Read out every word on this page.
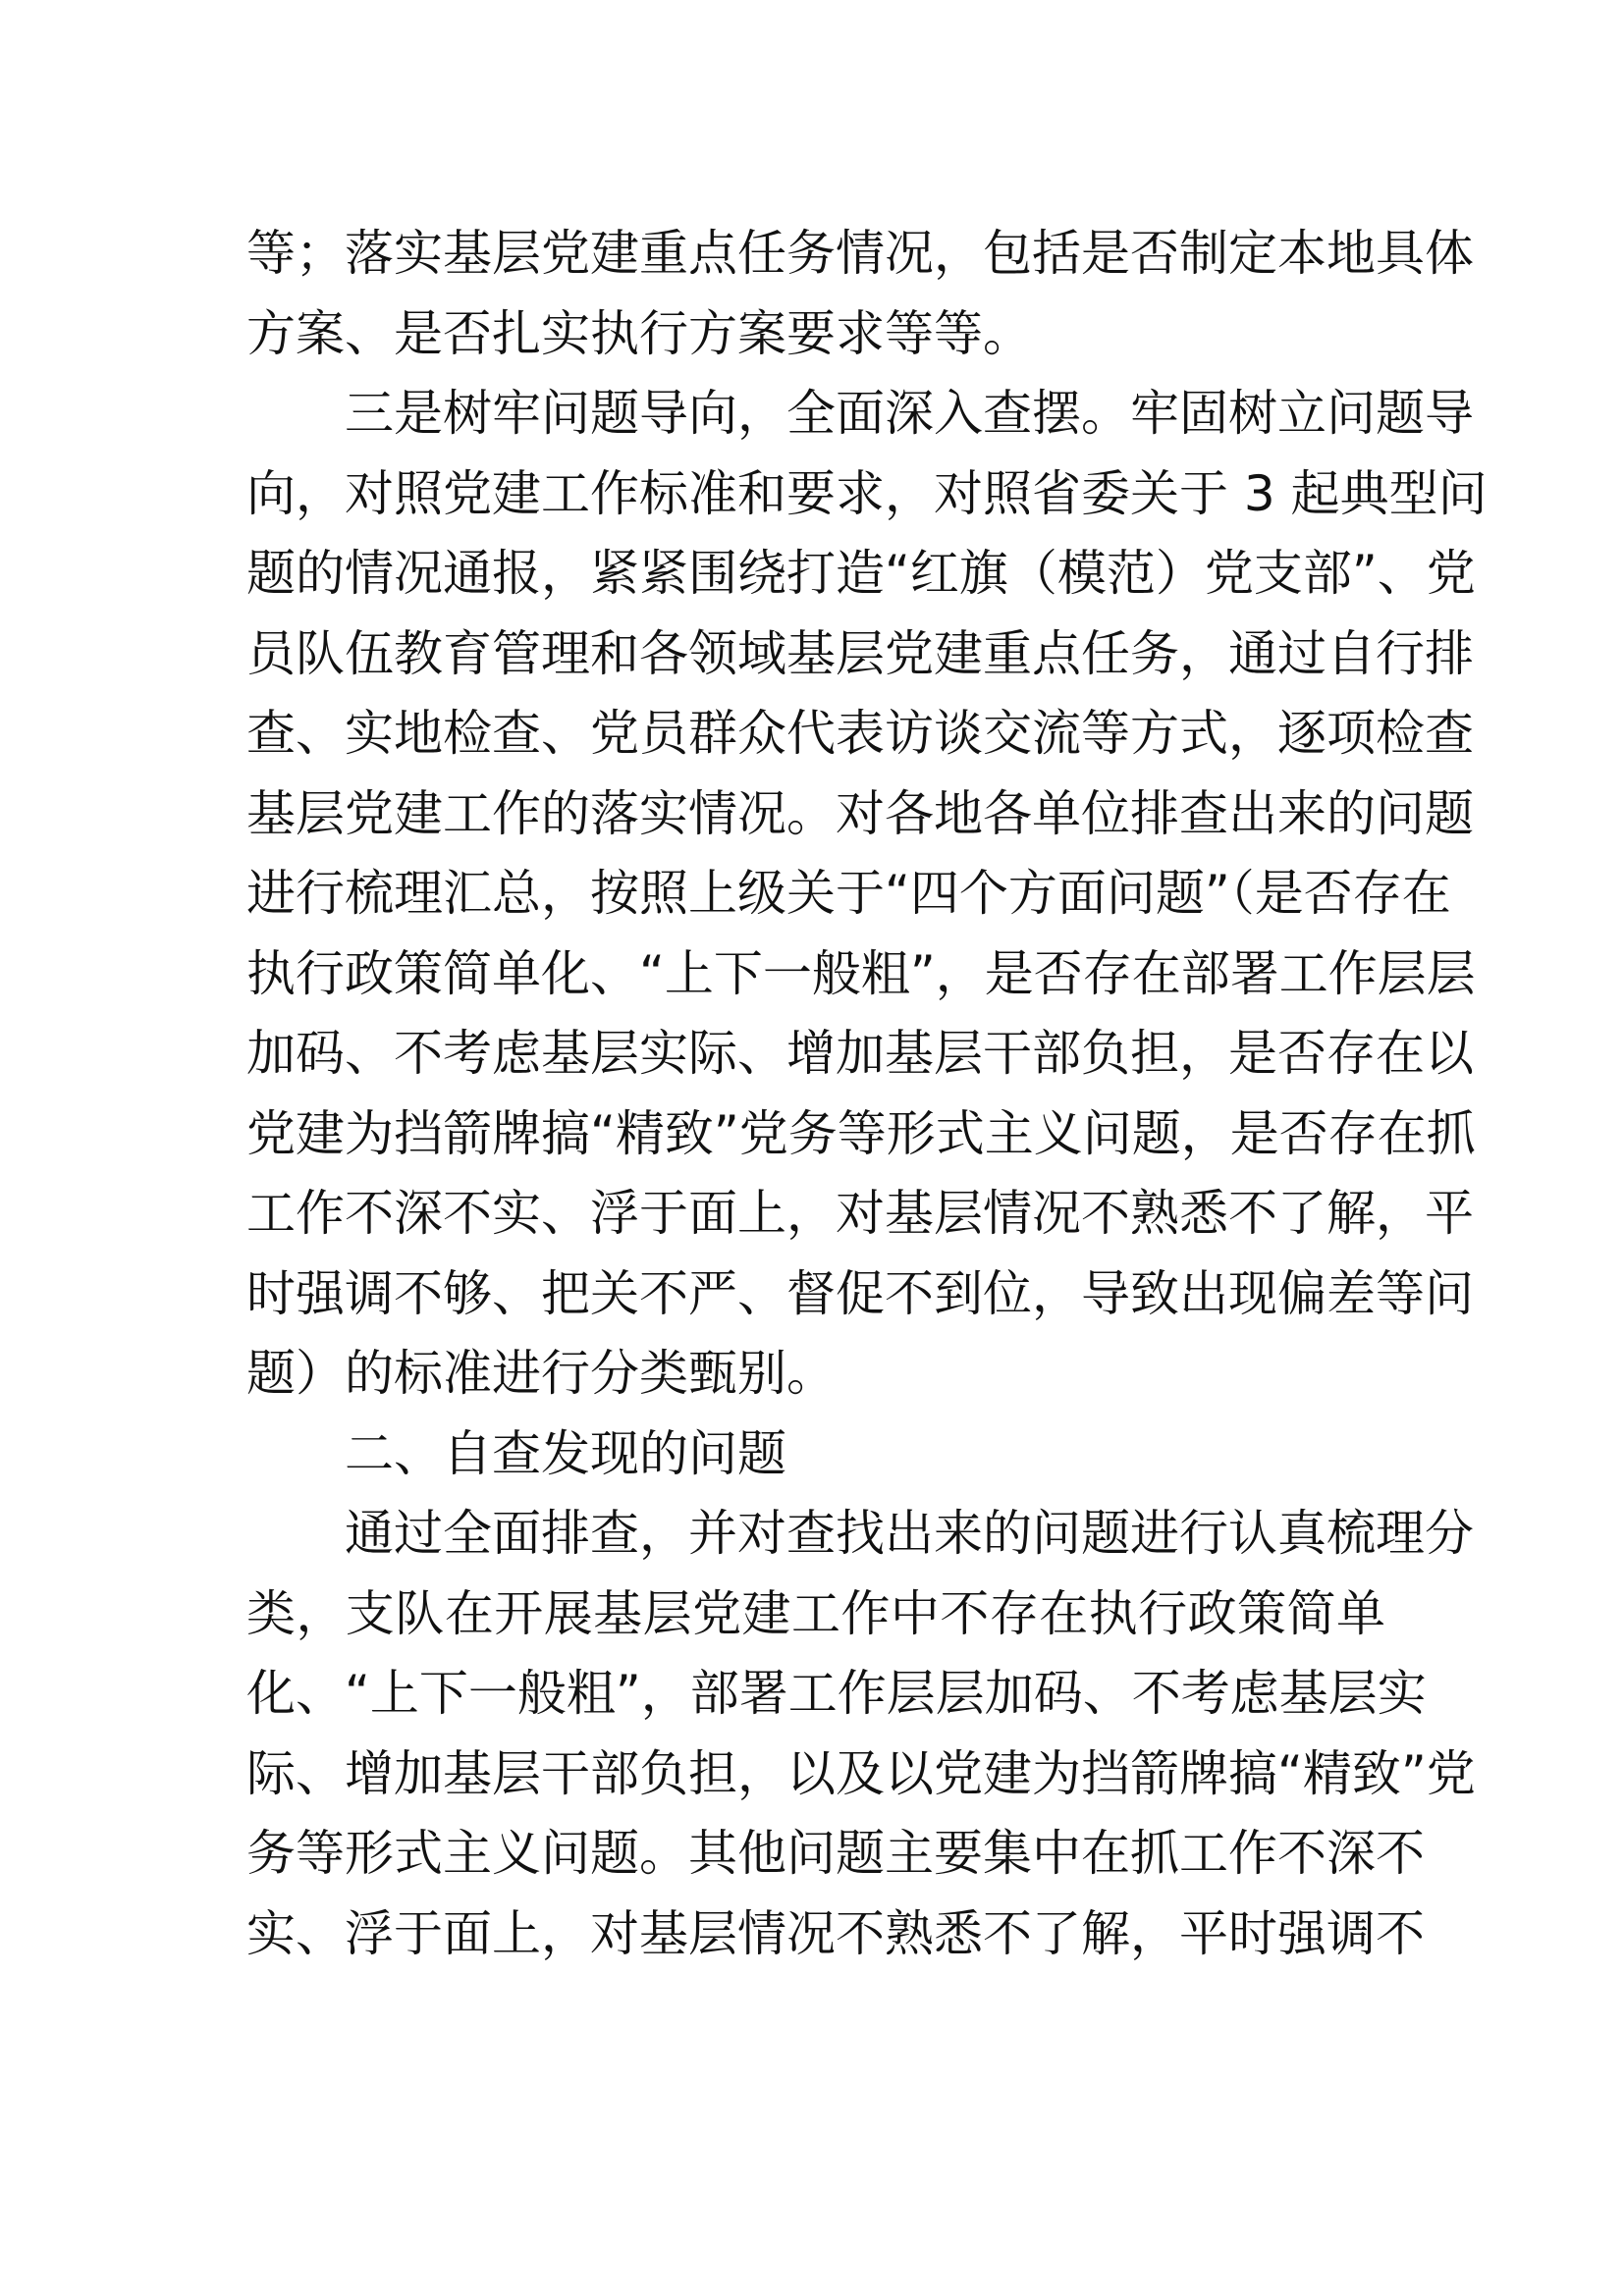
等；落实基层党建重点任务情况，包括是否制定本地具体
方案、是否扎实执行方案要求等等。

三是树牢问题导向，全面深入查摆。牢固树立问题导
向，对照党建工作标准和要求，对照省委关于 3 起典型问
题的情况通报，紧紧围绕打造“红旗（模范）党支部”、党
员队伍教育管理和各领域基层党建重点任务，通过自行排
查、实地检查、党员群众代表访谈交流等方式，逐项检查
基层党建工作的落实情况。对各地各单位排查出来的问题
进行梳理汇总，按照上级关于“四个方面问题”（是否存在
执行政策简单化、“上下一般粗”，是否存在部署工作层层
加码、不考虑基层实际、增加基层干部负担，是否存在以
党建为挡箭牌搞“精致”党务等形式主义问题，是否存在抓
工作不深不实、浮于面上，对基层情况不熟悉不了解，平
时强调不够、把关不严、督促不到位，导致出现偏差等问
题）的标准进行分类甄别。

二、自查发现的问题

通过全面排查，并对查找出来的问题进行认真梳理分
类，支队在开展基层党建工作中不存在执行政策简单
化、“上下一般粗”，部署工作层层加码、不考虑基层实
际、增加基层干部负担，以及以党建为挡箭牌搞“精致”党
务等形式主义问题。其他问题主要集中在抓工作不深不
实、浮于面上，对基层情况不熟悉不了解，平时强调不
